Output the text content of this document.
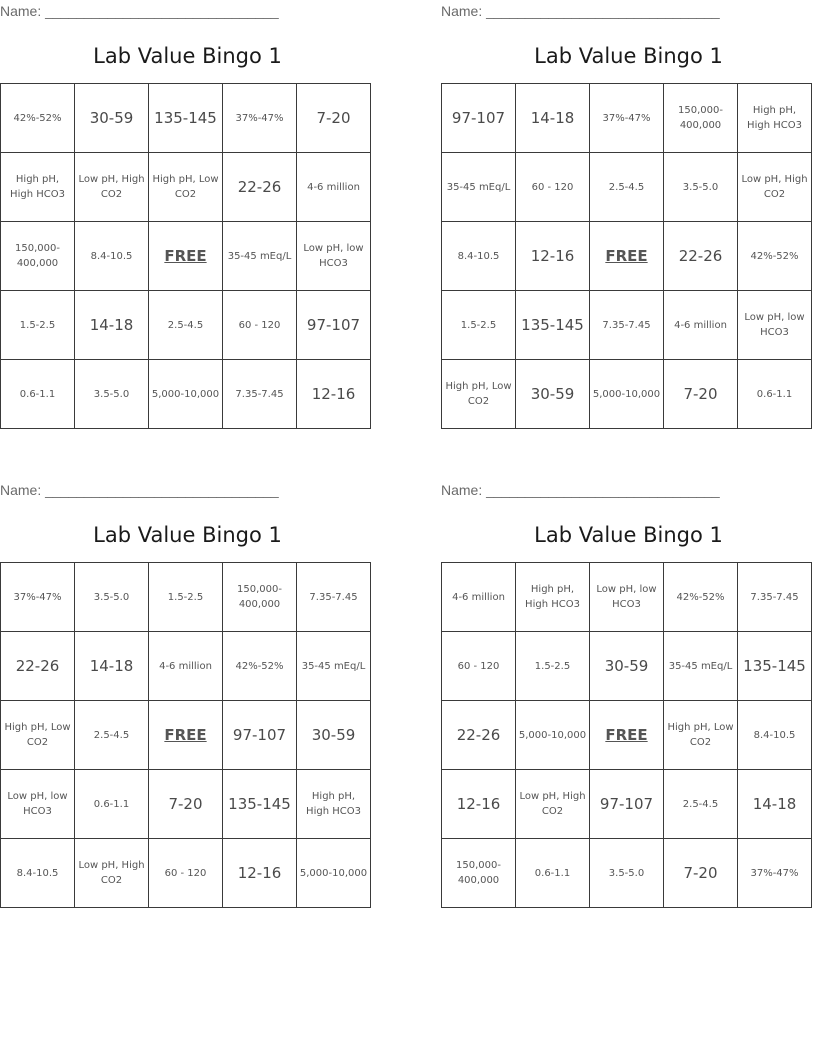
Name: ______________________________
Lab Value Bingo 1
42%-52%	30-59	135-145	37%-47%	7-20
High pH, High HCO3	Low pH, High CO2	High pH, Low CO2	22-26	4-6 million
150,000-400,000	8.4-10.5	FREE	35-45 mEq/L	Low pH, low HCO3
1.5-2.5	14-18	2.5-4.5	60 - 120	97-107
0.6-1.1	3.5-5.0	5,000-10,000	7.35-7.45	12-16
Name: ______________________________
Lab Value Bingo 1
97-107	14-18	37%-47%	150,000-400,000	High pH, High HCO3
35-45 mEq/L	60 - 120	2.5-4.5	3.5-5.0	Low pH, High CO2
8.4-10.5	12-16	FREE	22-26	42%-52%
1.5-2.5	135-145	7.35-7.45	4-6 million	Low pH, low HCO3
High pH, Low CO2	30-59	5,000-10,000	7-20	0.6-1.1
Name: ______________________________
Lab Value Bingo 1
37%-47%	3.5-5.0	1.5-2.5	150,000-400,000	7.35-7.45
22-26	14-18	4-6 million	42%-52%	35-45 mEq/L
High pH, Low CO2	2.5-4.5	FREE	97-107	30-59
Low pH, low HCO3	0.6-1.1	7-20	135-145	High pH, High HCO3
8.4-10.5	Low pH, High CO2	60 - 120	12-16	5,000-10,000
Name: ______________________________
Lab Value Bingo 1
4-6 million	High pH, High HCO3	Low pH, low HCO3	42%-52%	7.35-7.45
60 - 120	1.5-2.5	30-59	35-45 mEq/L	135-145
22-26	5,000-10,000	FREE	High pH, Low CO2	8.4-10.5
12-16	Low pH, High CO2	97-107	2.5-4.5	14-18
150,000-400,000	0.6-1.1	3.5-5.0	7-20	37%-47%
